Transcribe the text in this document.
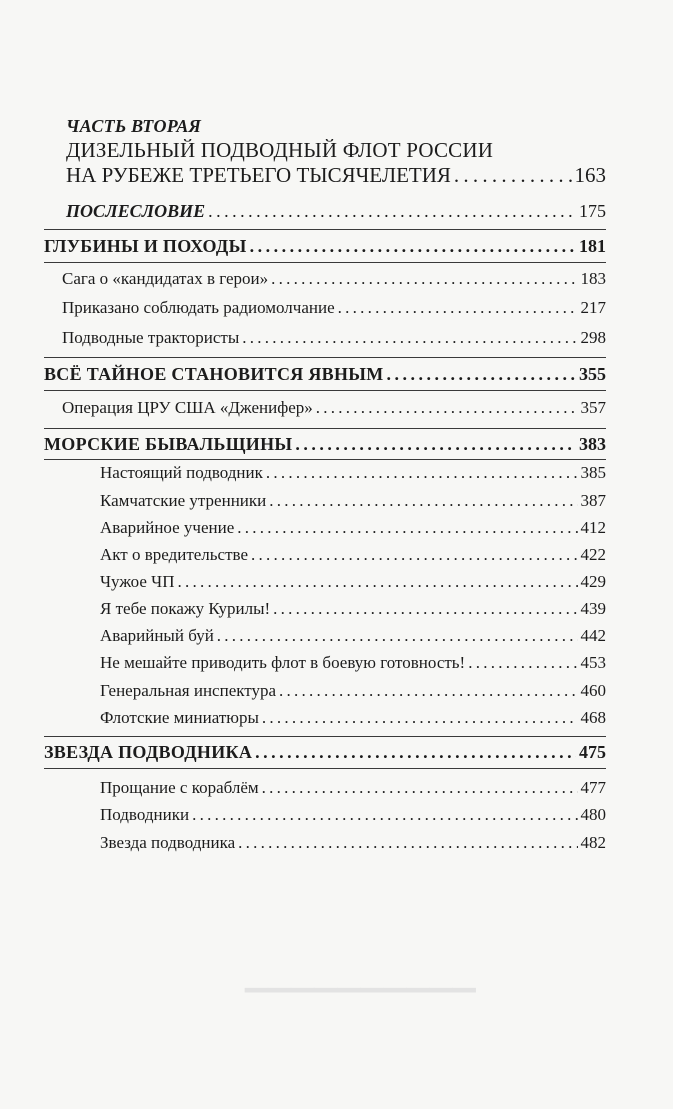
▁▁▁▁▁▁▁▁▁▁
ЧАСТЬ ВТОРАЯ
ДИЗЕЛЬНЫЙ ПОДВОДНЫЙ ФЛОТ РОССИИ
НА РУБЕЖЕ ТРЕТЬЕГО ТЫСЯЧЕЛЕТИЯ . . .	163
ПОСЛЕСЛОВИЕ . . .	175
ГЛУБИНЫ И ПОХОДЫ . . .	181
Сага о «кандидатах в герои» . . .	183
Приказано соблюдать радиомолчание . . .	217
Подводные трактористы . . .	298
ВСЁ ТАЙНОЕ СТАНОВИТСЯ ЯВНЫМ . . .	355
Операция ЦРУ США «Дженифер» . . .	357
МОРСКИЕ БЫВАЛЬЩИНЫ . . .	383
Настоящий подводник . . .	385
Камчатские утренники . . .	387
Аварийное учение . . .	412
Акт о вредительстве . . .	422
Чужое ЧП . . .	429
Я тебе покажу Курилы! . . .	439
Аварийный буй . . .	442
Не мешайте приводить флот в боевую готовность! . . .	453
Генеральная инспектура . . .	460
Флотские миниатюры . . .	468
ЗВЕЗДА ПОДВОДНИКА . . .	475
Прощание с кораблём . . .	477
Подводники . . .	480
Звезда подводника . . .	482
